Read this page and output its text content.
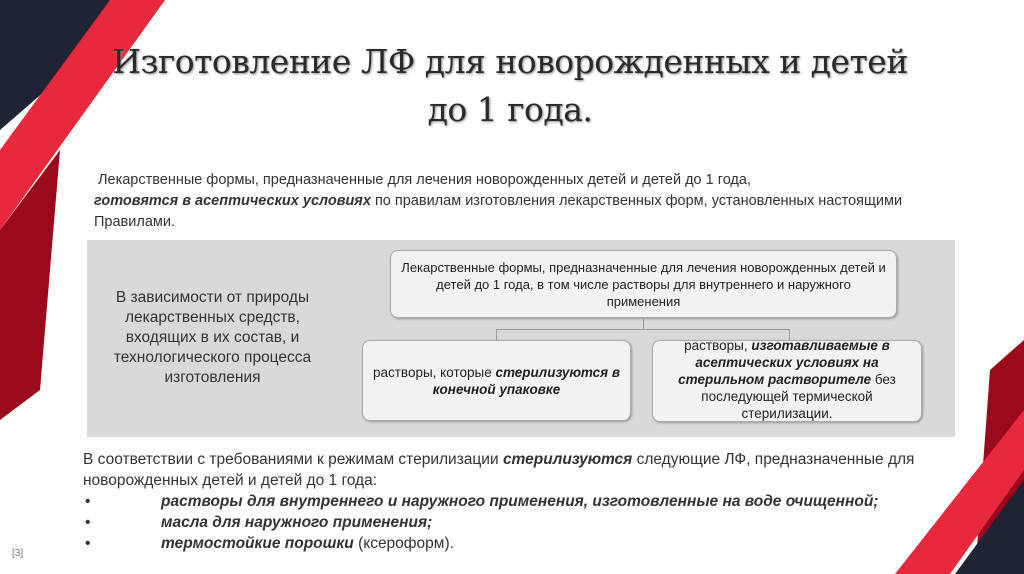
Изготовление ЛФ для новорожденных и детей
до 1 года.
Лекарственные формы, предназначенные для лечения новорожденных детей и детей до 1 года,
готовятся в асептических условиях по правилам изготовления лекарственных форм, установленных настоящими Правилами.
В зависимости от природы лекарственных средств, входящих в их состав, и технологического процесса изготовления
Лекарственные формы, предназначенные для лечения новорожденных детей и детей до 1 года, в том числе растворы для внутреннего и наружного применения
растворы, которые стерилизуются в конечной упаковке
растворы, изготавливаемые в асептических условиях на стерильном растворителе без последующей термической стерилизации.
В соответствии с требованиями к режимам стерилизации стерилизуются следующие ЛФ, предназначенные для новорожденных детей и детей до 1 года:
•	растворы для внутреннего и наружного применения, изготовленные на воде очищенной;
•	масла для наружного применения;
•	термостойкие порошки (ксероформ).
[3]
